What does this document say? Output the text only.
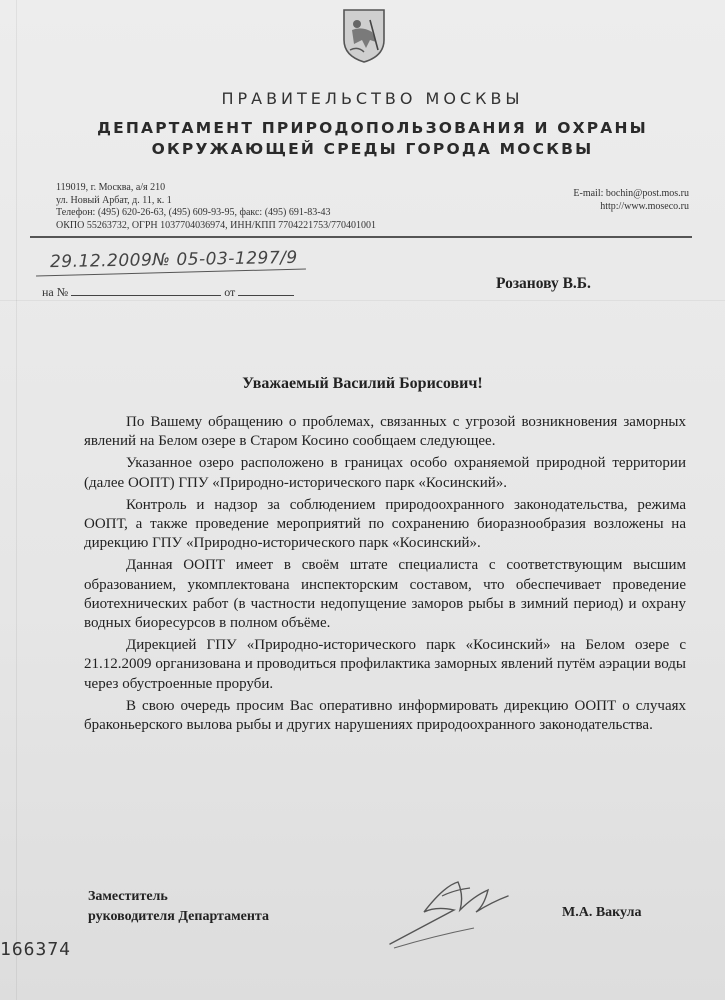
ПРАВИТЕЛЬСТВО МОСКВЫ
ДЕПАРТАМЕНТ ПРИРОДОПОЛЬЗОВАНИЯ И ОХРАНЫ
ОКРУЖАЮЩЕЙ СРЕДЫ ГОРОДА МОСКВЫ
119019, г. Москва, а/я 210
ул. Новый Арбат, д. 11, к. 1
Телефон: (495) 620-26-63, (495) 609-93-95, факс: (495) 691-83-43
ОКПО 55263732, ОГРН 1037704036974, ИНН/КПП 7704221753/770401001
E-mail: bochin@post.mos.ru
http://www.moseco.ru
29.12.2009№ 05-03-1297/9
на №	от	Розанову В.Б.
Уважаемый Василий Борисович!

По Вашему обращению о проблемах, связанных с угрозой возникновения заморных явлений на Белом озере в Старом Косино сообщаем следующее.

Указанное озеро расположено в границах особо охраняемой природной территории (далее ООПТ) ГПУ «Природно-исторического парк «Косинский».

Контроль и надзор за соблюдением природоохранного законодательства, режима ООПТ, а также проведение мероприятий по сохранению биоразнообразия возложены на дирекцию ГПУ «Природно-исторического парк «Косинский».

Данная ООПТ имеет в своём штате специалиста с соответствующим высшим образованием, укомплектована инспекторским составом, что обеспечивает проведение биотехнических работ (в частности недопущение заморов рыбы в зимний период) и охрану водных биоресурсов в полном объёме.

Дирекцией ГПУ «Природно-исторического парк «Косинский» на Белом озере с 21.12.2009 организована и проводиться профилактика заморных явлений путём аэрации воды через обустроенные проруби.

В свою очередь просим Вас оперативно информировать дирекцию ООПТ о случаях браконьерского вылова рыбы и других нарушениях природоохранного законодательства.

Заместитель
руководителя Департамента	М.А. Вакула
166374
